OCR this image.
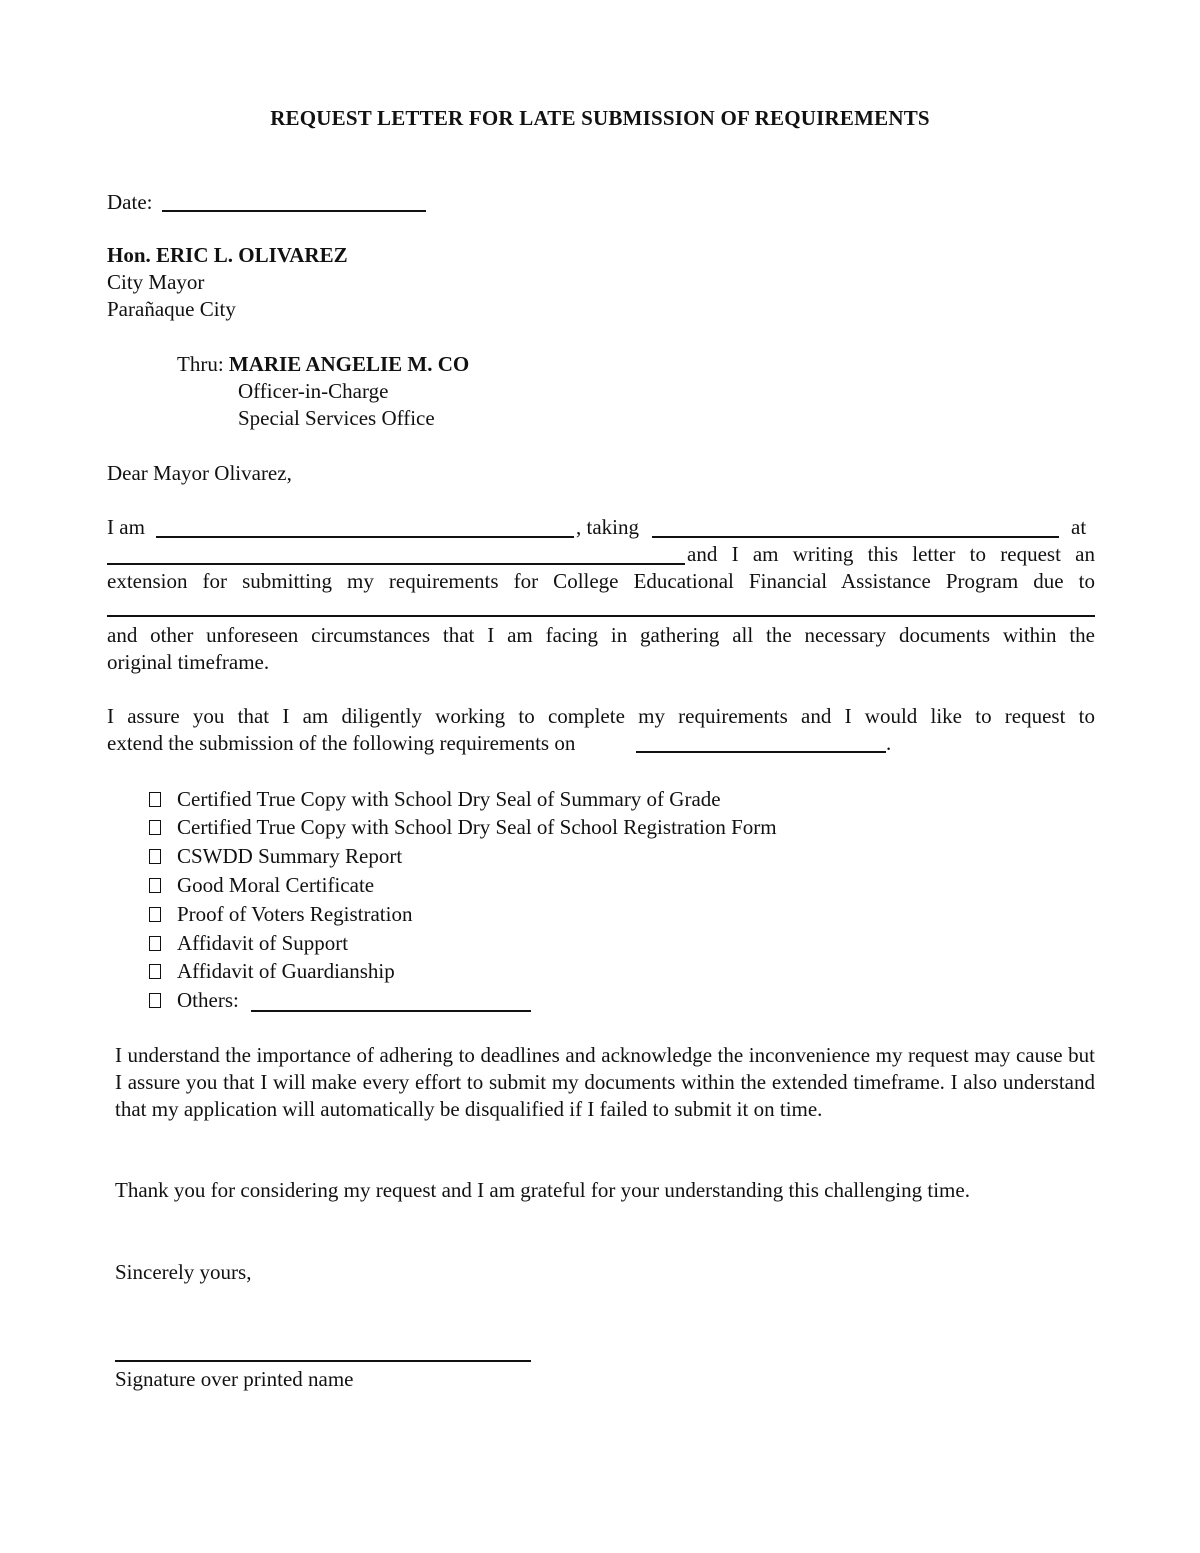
REQUEST LETTER FOR LATE SUBMISSION OF REQUIREMENTS
Date:
Hon. ERIC L. OLIVAREZ
City Mayor
Parañaque City
Thru: MARIE ANGELIE M. CO
Officer-in-Charge
Special Services Office
Dear Mayor Olivarez,
I am	, taking	at
and I am writing this letter to request an
extension for submitting my requirements for College Educational Financial Assistance Program due to
and other unforeseen circumstances that I am facing in gathering all the necessary documents within the
original timeframe.
I assure you that I am diligently working to complete my requirements and I would like to request to
extend the submission of the following requirements on	.
Certified True Copy with School Dry Seal of Summary of Grade
Certified True Copy with School Dry Seal of School Registration Form
CSWDD Summary Report
Good Moral Certificate
Proof of Voters Registration
Affidavit of Support
Affidavit of Guardianship
Others:
I understand the importance of adhering to deadlines and acknowledge the inconvenience my request may cause but I assure you that I will make every effort to submit my documents within the extended timeframe. I also understand that my application will automatically be disqualified if I failed to submit it on time.
Thank you for considering my request and I am grateful for your understanding this challenging time.
Sincerely yours,
Signature over printed name
